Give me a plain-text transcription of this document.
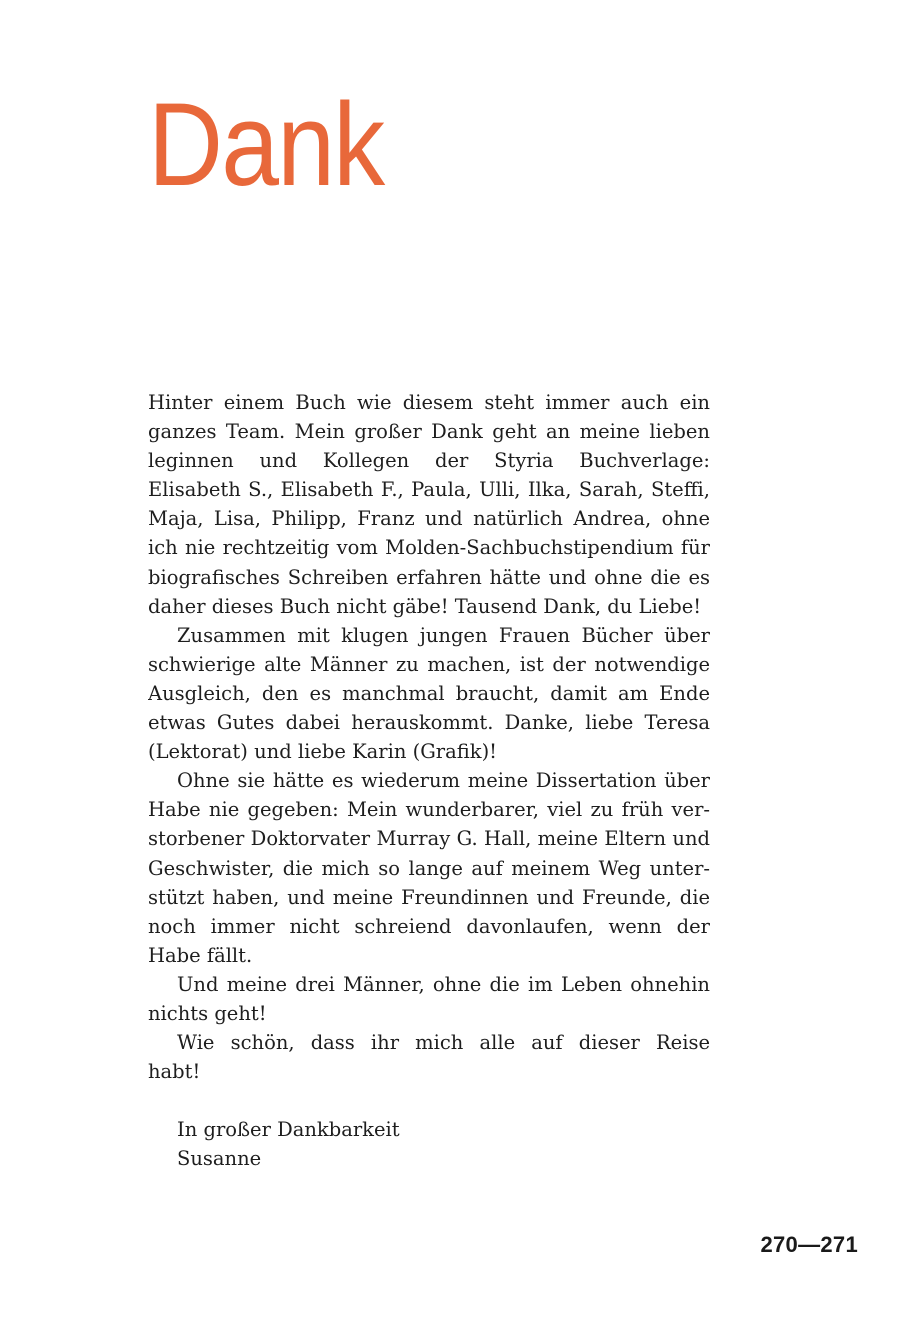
Dank
Hinter einem Buch wie diesem steht immer auch ein
ganzes Team. Mein großer Dank geht an meine lieben
leginnen und Kollegen der Styria Buchverlage:
Elisabeth S., Elisabeth F., Paula, Ulli, Ilka, Sarah, Steffi,
Maja, Lisa, Philipp, Franz und natürlich Andrea, ohne
ich nie rechtzeitig vom Molden-Sachbuchstipendium für
biografisches Schreiben erfahren hätte und ohne die es
daher dieses Buch nicht gäbe! Tausend Dank, du Liebe!
Zusammen mit klugen jungen Frauen Bücher über
schwierige alte Männer zu machen, ist der notwendige
Ausgleich, den es manchmal braucht, damit am Ende
etwas Gutes dabei herauskommt. Danke, liebe Teresa
(Lektorat) und liebe Karin (Grafik)!
Ohne sie hätte es wiederum meine Dissertation über
Habe nie gegeben: Mein wunderbarer, viel zu früh ver-
storbener Doktorvater Murray G. Hall, meine Eltern und
Geschwister, die mich so lange auf meinem Weg unter-
stützt haben, und meine Freundinnen und Freunde, die
noch immer nicht schreiend davonlaufen, wenn der
Habe fällt.
Und meine drei Männer, ohne die im Leben ohnehin
nichts geht!
Wie schön, dass ihr mich alle auf dieser Reise
habt!
In großer Dankbarkeit
Susanne
270—271
